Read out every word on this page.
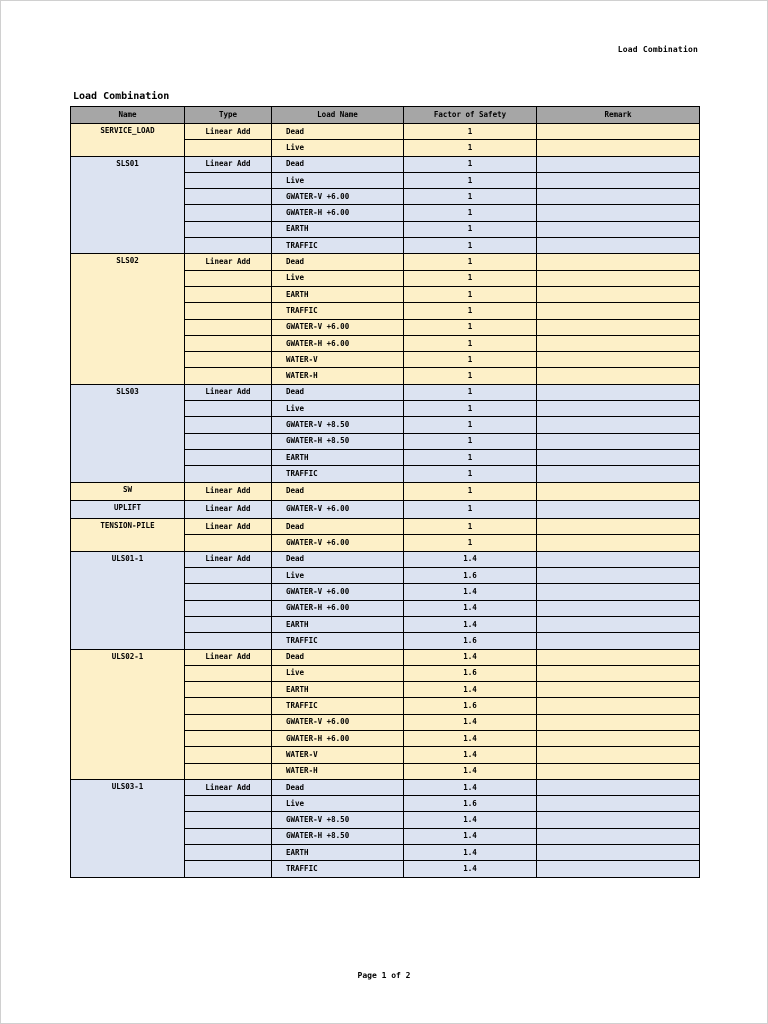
Load Combination
Load Combination
Name	Type	Load Name	Factor of Safety	Remark
SERVICE_LOAD	Linear Add	Dead	1	
		Live	1	
SLS01	Linear Add	Dead	1	
		Live	1	
		GWATER-V +6.00	1	
		GWATER-H +6.00	1	
		EARTH	1	
		TRAFFIC	1	
SLS02	Linear Add	Dead	1	
		Live	1	
		EARTH	1	
		TRAFFIC	1	
		GWATER-V +6.00	1	
		GWATER-H +6.00	1	
		WATER-V	1	
		WATER-H	1	
SLS03	Linear Add	Dead	1	
		Live	1	
		GWATER-V +8.50	1	
		GWATER-H +8.50	1	
		EARTH	1	
		TRAFFIC	1	
SW	Linear Add	Dead	1	
UPLIFT	Linear Add	GWATER-V +6.00	1	
TENSION-PILE	Linear Add	Dead	1	
		GWATER-V +6.00	1	
ULS01-1	Linear Add	Dead	1.4	
		Live	1.6	
		GWATER-V +6.00	1.4	
		GWATER-H +6.00	1.4	
		EARTH	1.4	
		TRAFFIC	1.6	
ULS02-1	Linear Add	Dead	1.4	
		Live	1.6	
		EARTH	1.4	
		TRAFFIC	1.6	
		GWATER-V +6.00	1.4	
		GWATER-H +6.00	1.4	
		WATER-V	1.4	
		WATER-H	1.4	
ULS03-1	Linear Add	Dead	1.4	
		Live	1.6	
		GWATER-V +8.50	1.4	
		GWATER-H +8.50	1.4	
		EARTH	1.4	
		TRAFFIC	1.4	
Page 1 of 2
